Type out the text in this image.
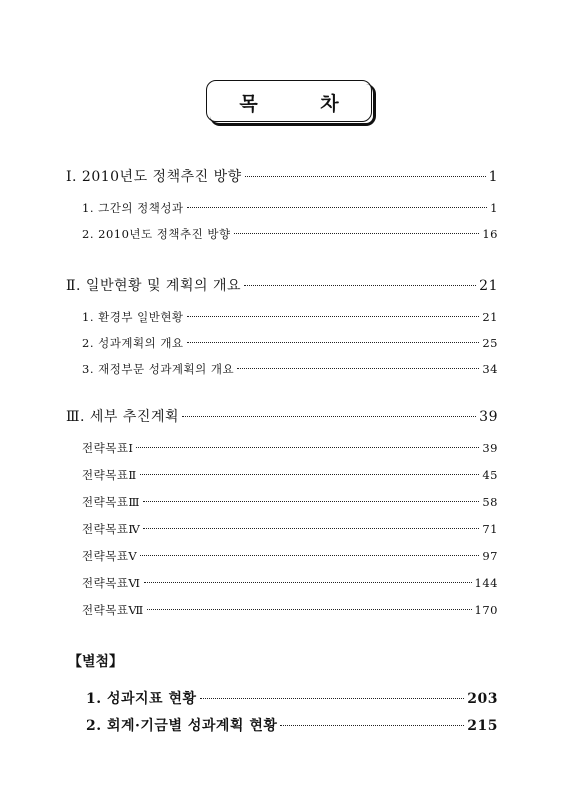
목 차
Ⅰ. 2010년도 정책추진 방향	1
1. 그간의 정책성과	1
2. 2010년도 정책추진 방향	16
Ⅱ. 일반현황 및 계획의 개요	21
1. 환경부 일반현황	21
2. 성과계획의 개요	25
3. 재정부문 성과계획의 개요	34
Ⅲ. 세부 추진계획	39
전략목표Ⅰ	39
전략목표Ⅱ	45
전략목표Ⅲ	58
전략목표Ⅳ	71
전략목표Ⅴ	97
전략목표Ⅵ	144
전략목표Ⅶ	170
【별첨】
1. 성과지표 현황	203
2. 회계·기금별 성과계획 현황	215
